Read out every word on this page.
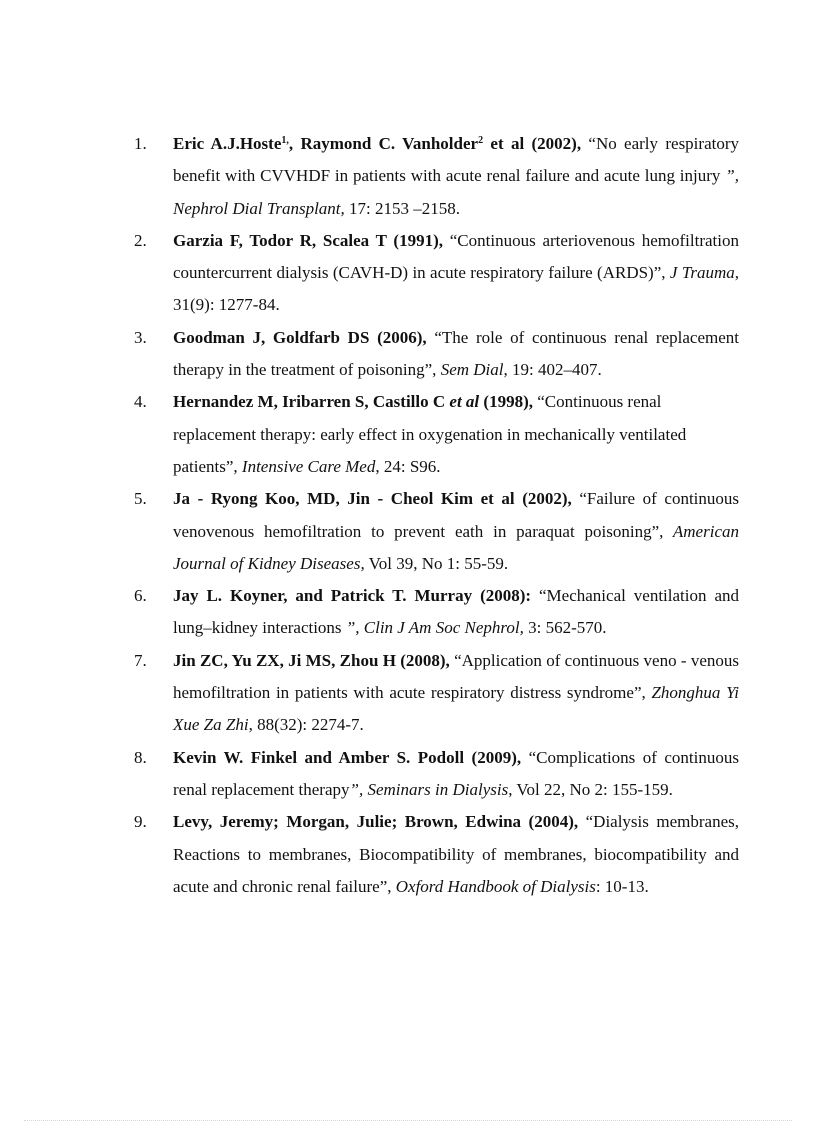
1. Eric A.J.Hoste$^{1,}$, Raymond C. Vanholder$^2$ et al (2002), “No early respiratory benefit with CVVHDF in patients with acute renal failure and acute lung injury ”, Nephrol Dial Transplant, 17: 2153 –2158.
2. Garzia F, Todor R, Scalea T (1991), “Continuous arteriovenous hemofiltration countercurrent dialysis (CAVH-D) in acute respiratory failure (ARDS)”, J Trauma, 31(9): 1277-84.
3. Goodman J, Goldfarb DS (2006), “The role of continuous renal replacement therapy in the treatment of poisoning”, Sem Dial, 19: 402–407.
4. Hernandez M, Iribarren S, Castillo C et al (1998), “Continuous renal replacement therapy: early effect in oxygenation in mechanically ventilated patients”, Intensive Care Med, 24: S96.
5. Ja - Ryong Koo, MD, Jin - Cheol Kim et al (2002), “Failure of continuous venovenous hemofiltration to prevent eath in paraquat poisoning”, American Journal of Kidney Diseases, Vol 39, No 1: 55-59.
6. Jay L. Koyner, and Patrick T. Murray (2008): “Mechanical ventilation and lung–kidney interactions ”, Clin J Am Soc Nephrol, 3: 562-570.
7. Jin ZC, Yu ZX, Ji MS, Zhou H (2008), “Application of continuous veno - venous hemofiltration in patients with acute respiratory distress syndrome”, Zhonghua Yi Xue Za Zhi, 88(32): 2274-7.
8. Kevin W. Finkel and Amber S. Podoll (2009), “Complications of continuous renal replacement therapy”, Seminars in Dialysis, Vol 22, No 2: 155-159.
9. Levy, Jeremy; Morgan, Julie; Brown, Edwina (2004), “Dialysis membranes, Reactions to membranes, Biocompatibility of membranes, biocompatibility and acute and chronic renal failure”, Oxford Handbook of Dialysis: 10-13.
